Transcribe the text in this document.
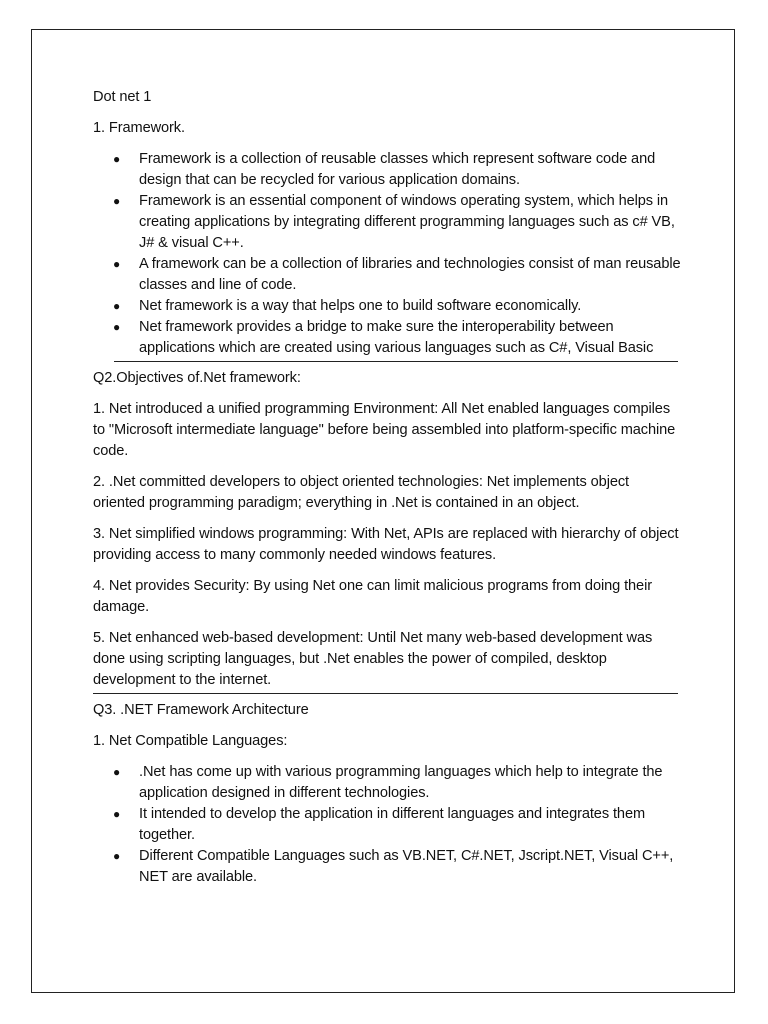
Dot net 1

1. Framework.

● Framework is a collection of reusable classes which represent software code and design that can be recycled for various application domains.
● Framework is an essential component of windows operating system, which helps in creating applications by integrating different programming languages such as c# VB, J# & visual C++.
● A framework can be a collection of libraries and technologies consist of man reusable classes and line of code.
● Net framework is a way that helps one to build software economically.
● Net framework provides a bridge to make sure the interoperability between applications which are created using various languages such as C#, Visual Basic

Q2.Objectives of.Net framework:

1. Net introduced a unified programming Environment: All Net enabled languages compiles to "Microsoft intermediate language" before being assembled into platform-specific machine code.

2. .Net committed developers to object oriented technologies: Net implements object oriented programming paradigm; everything in .Net is contained in an object.

3. Net simplified windows programming: With Net, APIs are replaced with hierarchy of object providing access to many commonly needed windows features.

4. Net provides Security: By using Net one can limit malicious programs from doing their damage.

5. Net enhanced web-based development: Until Net many web-based development was done using scripting languages, but .Net enables the power of compiled, desktop development to the internet.

Q3. .NET Framework Architecture

1. Net Compatible Languages:

● .Net has come up with various programming languages which help to integrate the application designed in different technologies.
● It intended to develop the application in different languages and integrates them together.
● Different Compatible Languages such as VB.NET, C#.NET, Jscript.NET, Visual C++, NET are available.
